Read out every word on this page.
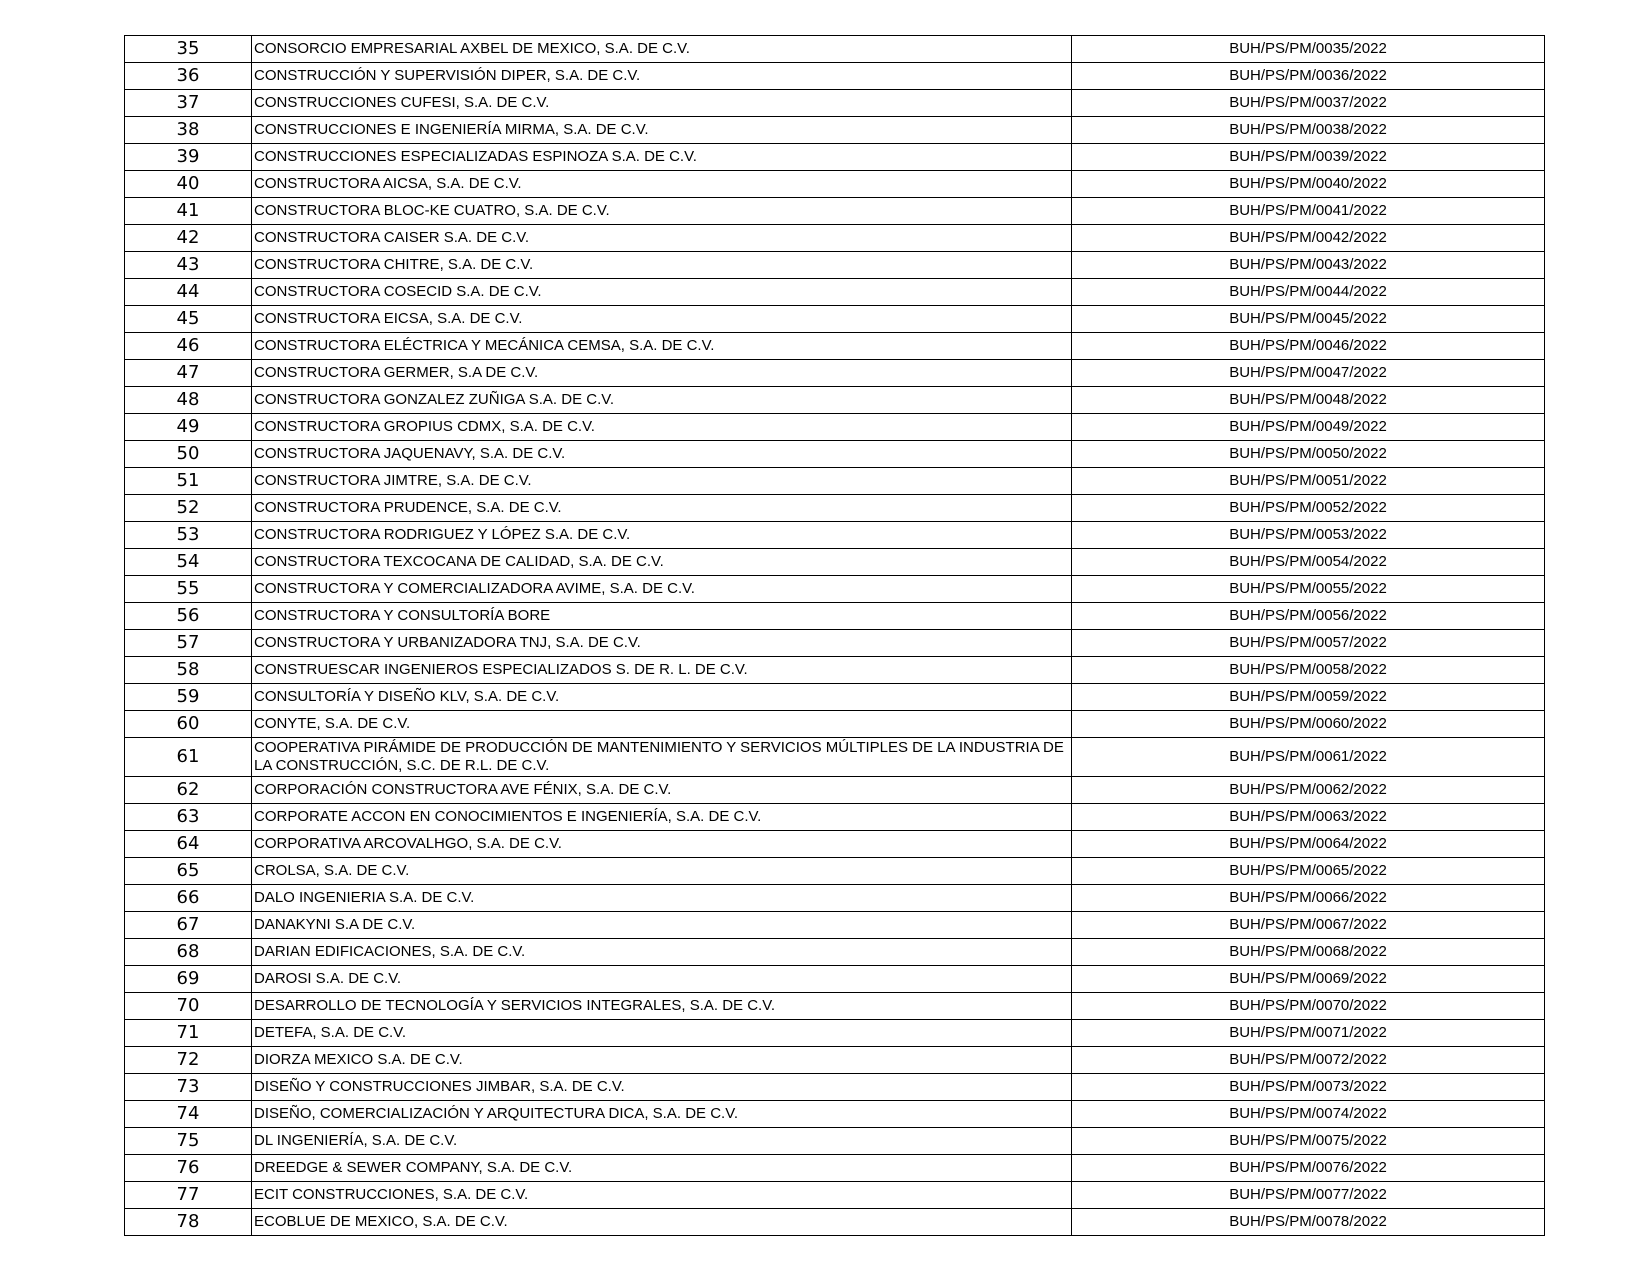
35	CONSORCIO EMPRESARIAL AXBEL DE MEXICO, S.A. DE C.V.	BUH/PS/PM/0035/2022
36	CONSTRUCCIÓN Y SUPERVISIÓN DIPER, S.A. DE C.V.	BUH/PS/PM/0036/2022
37	CONSTRUCCIONES CUFESI, S.A. DE C.V.	BUH/PS/PM/0037/2022
38	CONSTRUCCIONES E INGENIERÍA MIRMA, S.A. DE C.V.	BUH/PS/PM/0038/2022
39	CONSTRUCCIONES ESPECIALIZADAS ESPINOZA S.A. DE C.V.	BUH/PS/PM/0039/2022
40	CONSTRUCTORA AICSA, S.A. DE C.V.	BUH/PS/PM/0040/2022
41	CONSTRUCTORA BLOC-KE CUATRO, S.A. DE C.V.	BUH/PS/PM/0041/2022
42	CONSTRUCTORA CAISER S.A. DE C.V.	BUH/PS/PM/0042/2022
43	CONSTRUCTORA CHITRE, S.A. DE C.V.	BUH/PS/PM/0043/2022
44	CONSTRUCTORA COSECID S.A. DE C.V.	BUH/PS/PM/0044/2022
45	CONSTRUCTORA EICSA, S.A. DE C.V.	BUH/PS/PM/0045/2022
46	CONSTRUCTORA ELÉCTRICA Y MECÁNICA CEMSA, S.A. DE C.V.	BUH/PS/PM/0046/2022
47	CONSTRUCTORA GERMER, S.A DE C.V.	BUH/PS/PM/0047/2022
48	CONSTRUCTORA GONZALEZ ZUÑIGA S.A. DE C.V.	BUH/PS/PM/0048/2022
49	CONSTRUCTORA GROPIUS CDMX, S.A. DE C.V.	BUH/PS/PM/0049/2022
50	CONSTRUCTORA JAQUENAVY, S.A. DE C.V.	BUH/PS/PM/0050/2022
51	CONSTRUCTORA JIMTRE, S.A. DE C.V.	BUH/PS/PM/0051/2022
52	CONSTRUCTORA PRUDENCE, S.A. DE C.V.	BUH/PS/PM/0052/2022
53	CONSTRUCTORA RODRIGUEZ Y LÓPEZ S.A. DE C.V.	BUH/PS/PM/0053/2022
54	CONSTRUCTORA TEXCOCANA DE CALIDAD, S.A. DE C.V.	BUH/PS/PM/0054/2022
55	CONSTRUCTORA Y COMERCIALIZADORA AVIME, S.A. DE C.V.	BUH/PS/PM/0055/2022
56	CONSTRUCTORA Y CONSULTORÍA BORE	BUH/PS/PM/0056/2022
57	CONSTRUCTORA Y URBANIZADORA TNJ, S.A. DE C.V.	BUH/PS/PM/0057/2022
58	CONSTRUESCAR INGENIEROS ESPECIALIZADOS S. DE R. L. DE C.V.	BUH/PS/PM/0058/2022
59	CONSULTORÍA Y DISEÑO KLV, S.A. DE C.V.	BUH/PS/PM/0059/2022
60	CONYTE, S.A. DE C.V.	BUH/PS/PM/0060/2022
61	COOPERATIVA PIRÁMIDE DE PRODUCCIÓN DE MANTENIMIENTO Y SERVICIOS MÚLTIPLES DE LA INDUSTRIA DE LA CONSTRUCCIÓN, S.C. DE R.L. DE C.V.	BUH/PS/PM/0061/2022
62	CORPORACIÓN CONSTRUCTORA AVE FÉNIX, S.A. DE C.V.	BUH/PS/PM/0062/2022
63	CORPORATE ACCON EN CONOCIMIENTOS E INGENIERÍA, S.A. DE C.V.	BUH/PS/PM/0063/2022
64	CORPORATIVA ARCOVALHGO, S.A. DE C.V.	BUH/PS/PM/0064/2022
65	CROLSA, S.A. DE C.V.	BUH/PS/PM/0065/2022
66	DALO INGENIERIA S.A. DE C.V.	BUH/PS/PM/0066/2022
67	DANAKYNI S.A DE C.V.	BUH/PS/PM/0067/2022
68	DARIAN EDIFICACIONES, S.A. DE C.V.	BUH/PS/PM/0068/2022
69	DAROSI S.A. DE C.V.	BUH/PS/PM/0069/2022
70	DESARROLLO DE TECNOLOGÍA Y SERVICIOS INTEGRALES, S.A. DE C.V.	BUH/PS/PM/0070/2022
71	DETEFA, S.A. DE C.V.	BUH/PS/PM/0071/2022
72	DIORZA MEXICO S.A. DE C.V.	BUH/PS/PM/0072/2022
73	DISEÑO Y CONSTRUCCIONES JIMBAR, S.A. DE C.V.	BUH/PS/PM/0073/2022
74	DISEÑO, COMERCIALIZACIÓN Y ARQUITECTURA DICA, S.A. DE C.V.	BUH/PS/PM/0074/2022
75	DL INGENIERÍA, S.A. DE C.V.	BUH/PS/PM/0075/2022
76	DREEDGE & SEWER COMPANY, S.A. DE C.V.	BUH/PS/PM/0076/2022
77	ECIT CONSTRUCCIONES, S.A. DE C.V.	BUH/PS/PM/0077/2022
78	ECOBLUE DE MEXICO, S.A. DE C.V.	BUH/PS/PM/0078/2022
